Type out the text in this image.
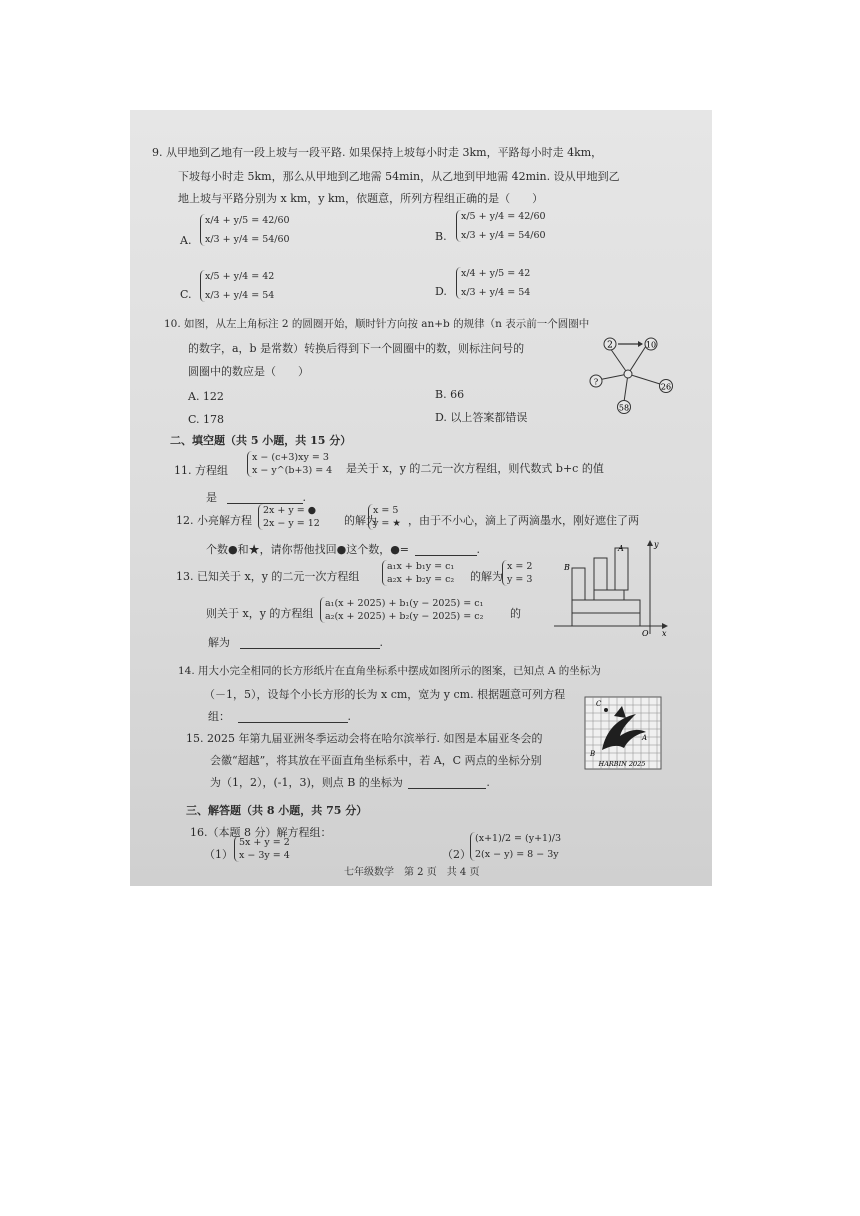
9. 从甲地到乙地有一段上坡与一段平路. 如果保持上坡每小时走 3km，平路每小时走 4km，
下坡每小时走 5km，那么从甲地到乙地需 54min，从乙地到甲地需 42min. 设从甲地到乙
地上坡与平路分别为 x km，y km，依题意，所列方程组正确的是（　　）
A.
x/4 + y/5 = 42/60
x/3 + y/4 = 54/60	B.
x/5 + y/4 = 42/60
x/3 + y/4 = 54/60
C.
x/5 + y/4 = 42
x/3 + y/4 = 54	D.
x/4 + y/5 = 42
x/3 + y/4 = 54
10. 如图，从左上角标注 2 的圆圈开始，顺时针方向按 an+b 的规律（n 表示前一个圆圈中
的数字，a，b 是常数）转换后得到下一个圆圈中的数，则标注问号的
圆圈中的数应是（　　）
A. 122	B. 66
C. 178	D. 以上答案都错误
2	10
?
26
58
二、填空题（共 5 小题，共 15 分）
11. 方程组
x − (c+3)xy = 3
x − y^(b+3) = 4 是关于 x，y 的二元一次方程组，则代数式 b+c 的值
是	.
12. 小亮解方程
2x + y = ●
2x − y = 12 的解为
x = 5
y = ★ ，由于不小心，滴上了两滴墨水，刚好遮住了两
个数●和★，请你帮他找回●这个数，●=	.
13. 已知关于 x，y 的二元一次方程组
a₁x + b₁y = c₁
a₂x + b₂y = c₂ 的解为
x = 2
y = 3
则关于 x，y 的方程组
a₁(x + 2025) + b₁(y − 2025) = c₁
a₂(x + 2025) + b₂(y − 2025) = c₂ 的
解为	.
A
B
O x
y
14. 用大小完全相同的长方形纸片在直角坐标系中摆成如图所示的图案，已知点 A 的坐标为
（－1，5），设每个小长方形的长为 x cm，宽为 y cm. 根据题意可列方程
组：	.
15. 2025 年第九届亚洲冬季运动会将在哈尔滨举行. 如图是本届亚冬会的
会徽“超越”，将其放在平面直角坐标系中，若 A，C 两点的坐标分别
为（1，2），(-1，3)，则点 B 的坐标为	.
C
A
B
HARBIN 2025
三、解答题（共 8 小题，共 75 分）
16.（本题 8 分）解方程组：
（1）
5x + y = 2
x − 3y = 4	（2）
(x+1)/2 = (y+1)/3
2(x − y) = 8 − 3y
七年级数学　第 2 页　共 4 页
